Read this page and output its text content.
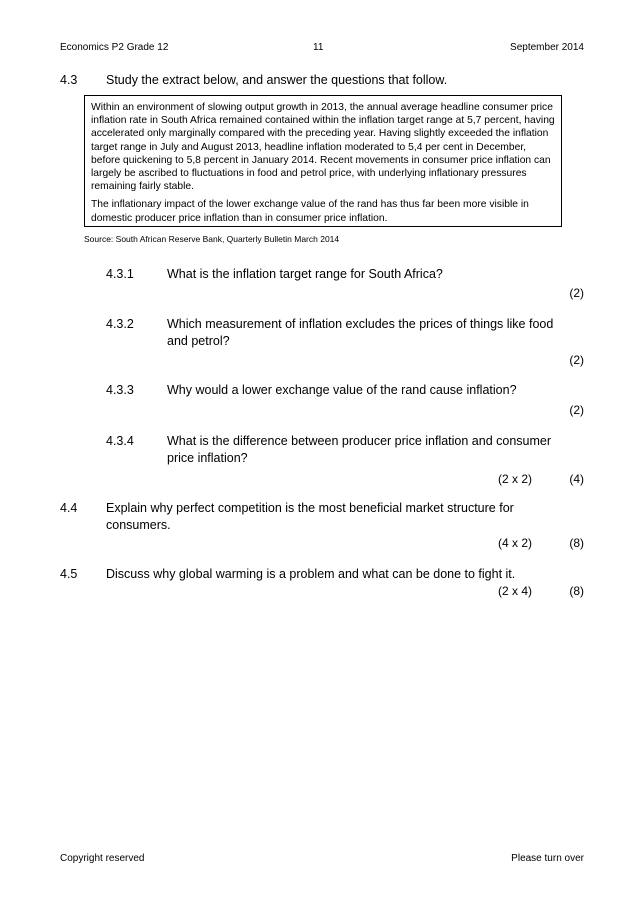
Economics P2 Grade 12	11	September 2014
4.3 Study the extract below, and answer the questions that follow.

Within an environment of slowing output growth in 2013, the annual average headline consumer price inflation rate in South Africa remained contained within the inflation target range at 5,7 percent, having accelerated only marginally compared with the preceding year. Having slightly exceeded the inflation target range in July and August 2013, headline inflation moderated to 5,4 per cent in December, before quickening to 5,8 percent in January 2014. Recent movements in consumer price inflation can largely be ascribed to fluctuations in food and petrol price, with underlying inflationary pressures remaining fairly stable.

The inflationary impact of the lower exchange value of the rand has thus far been more visible in domestic producer price inflation than in consumer price inflation.

Source: South African Reserve Bank, Quarterly Bulletin March 2014
4.3.1	What is the inflation target range for South Africa?
(2)
4.3.2	Which measurement of inflation excludes the prices of things like food
and petrol?
(2)
4.3.3	Why would a lower exchange value of the rand cause inflation?
(2)
4.3.4	What is the difference between producer price inflation and consumer
price inflation?
(2 x 2)	(4)
4.4 Explain why perfect competition is the most beneficial market structure for
consumers.
(4 x 2)	(8)
4.5 Discuss why global warming is a problem and what can be done to fight it.
(2 x 4)	(8)
Copyright reserved	Please turn over
